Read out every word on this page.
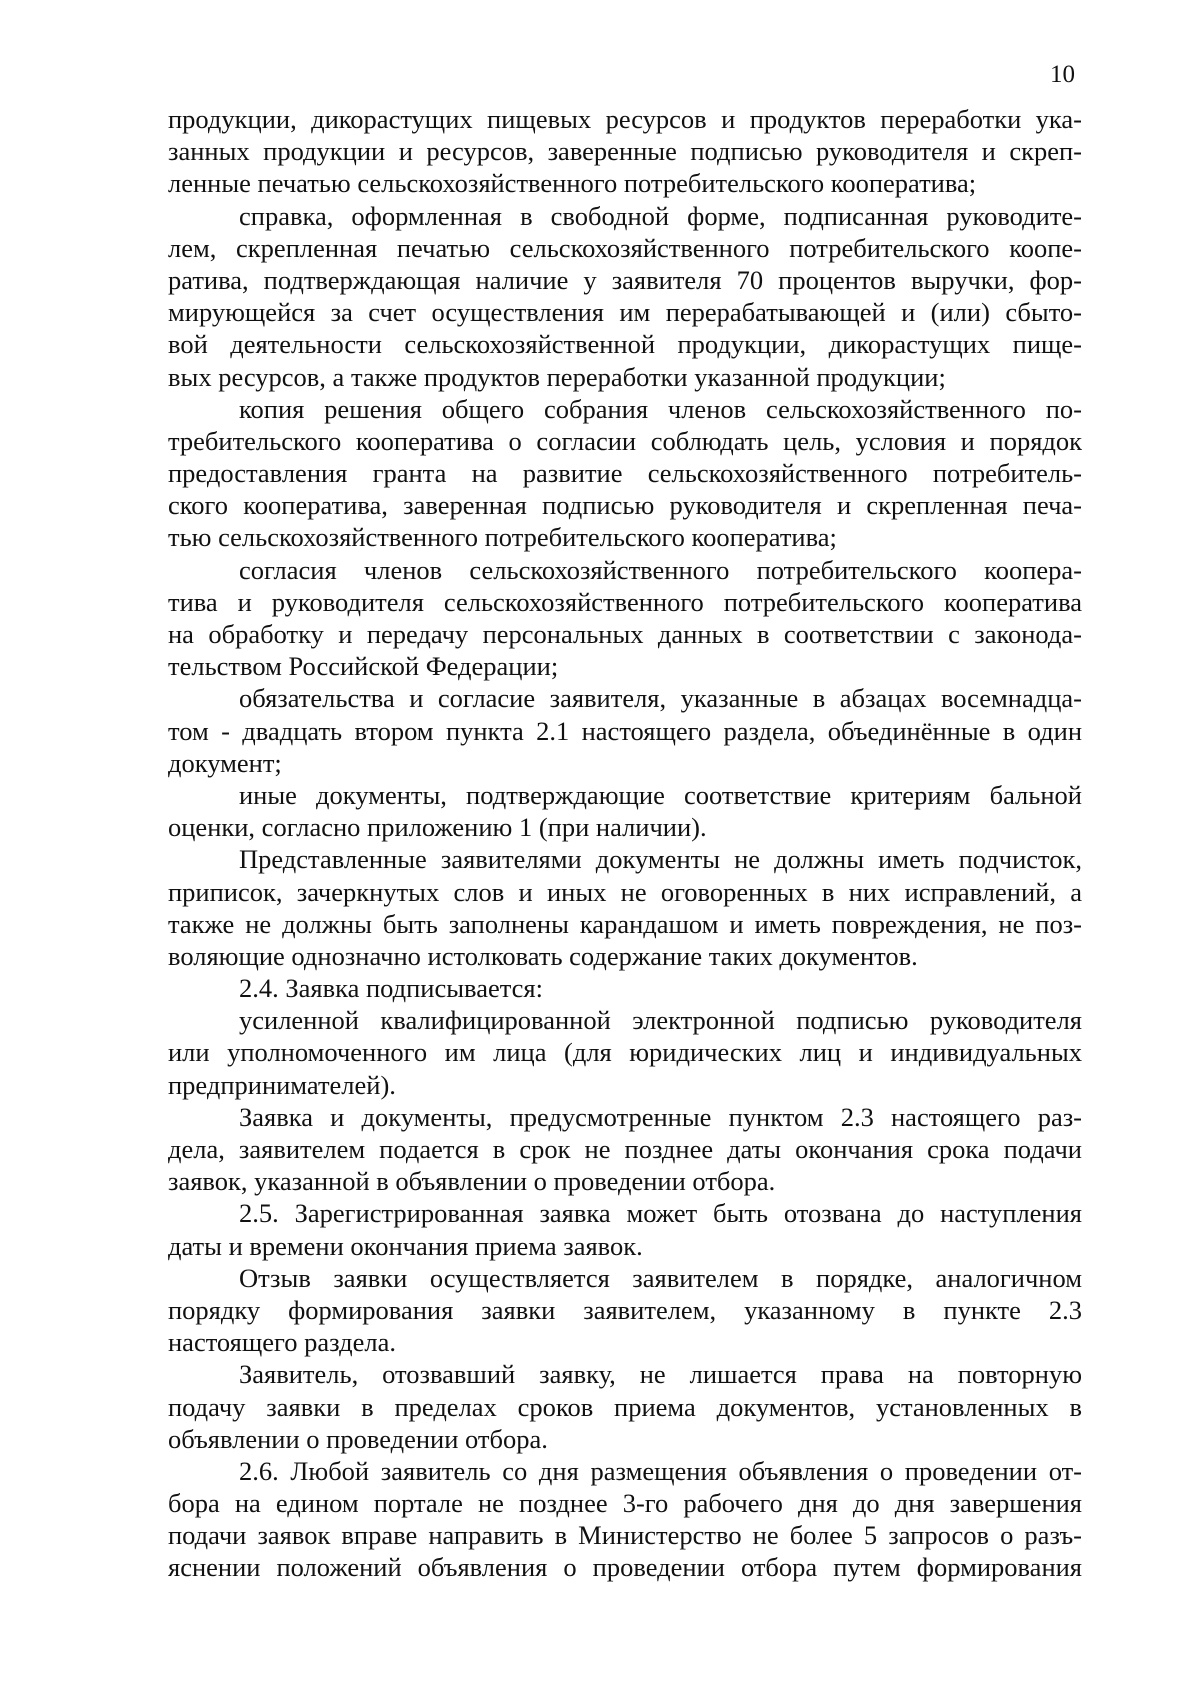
10
продукции, дикорастущих пищевых ресурсов и продуктов переработки ука-
занных продукции и ресурсов, заверенные подписью руководителя и скреп-
ленные печатью сельскохозяйственного потребительского кооператива;
справка, оформленная в свободной форме, подписанная руководите-
лем, скрепленная печатью сельскохозяйственного потребительского коопе-
ратива, подтверждающая наличие у заявителя 70 процентов выручки, фор-
мирующейся за счет осуществления им перерабатывающей и (или) сбыто-
вой деятельности сельскохозяйственной продукции, дикорастущих пище-
вых ресурсов, а также продуктов переработки указанной продукции;
копия решения общего собрания членов сельскохозяйственного по-
требительского кооператива о согласии соблюдать цель, условия и порядок
предоставления гранта на развитие сельскохозяйственного потребитель-
ского кооператива, заверенная подписью руководителя и скрепленная печа-
тью сельскохозяйственного потребительского кооператива;
согласия членов сельскохозяйственного потребительского коопера-
тива и руководителя сельскохозяйственного потребительского кооператива
на обработку и передачу персональных данных в соответствии с законода-
тельством Российской Федерации;
обязательства и согласие заявителя, указанные в абзацах восемнадца-
том - двадцать втором пункта 2.1 настоящего раздела, объединённые в один
документ;
иные документы, подтверждающие соответствие критериям бальной
оценки, согласно приложению 1 (при наличии).
Представленные заявителями документы не должны иметь подчисток,
приписок, зачеркнутых слов и иных не оговоренных в них исправлений, а
также не должны быть заполнены карандашом и иметь повреждения, не поз-
воляющие однозначно истолковать содержание таких документов.
2.4. Заявка подписывается:
усиленной квалифицированной электронной подписью руководителя
или уполномоченного им лица (для юридических лиц и индивидуальных
предпринимателей).
Заявка и документы, предусмотренные пунктом 2.3 настоящего раз-
дела, заявителем подается в срок не позднее даты окончания срока подачи
заявок, указанной в объявлении о проведении отбора.
2.5. Зарегистрированная заявка может быть отозвана до наступления
даты и времени окончания приема заявок.
Отзыв заявки осуществляется заявителем в порядке, аналогичном
порядку формирования заявки заявителем, указанному в пункте 2.3
настоящего раздела.
Заявитель, отозвавший заявку, не лишается права на повторную
подачу заявки в пределах сроков приема документов, установленных в
объявлении о проведении отбора.
2.6. Любой заявитель со дня размещения объявления о проведении от-
бора на едином портале не позднее 3-го рабочего дня до дня завершения
подачи заявок вправе направить в Министерство не более 5 запросов о разъ-
яснении положений объявления о проведении отбора путем формирования
